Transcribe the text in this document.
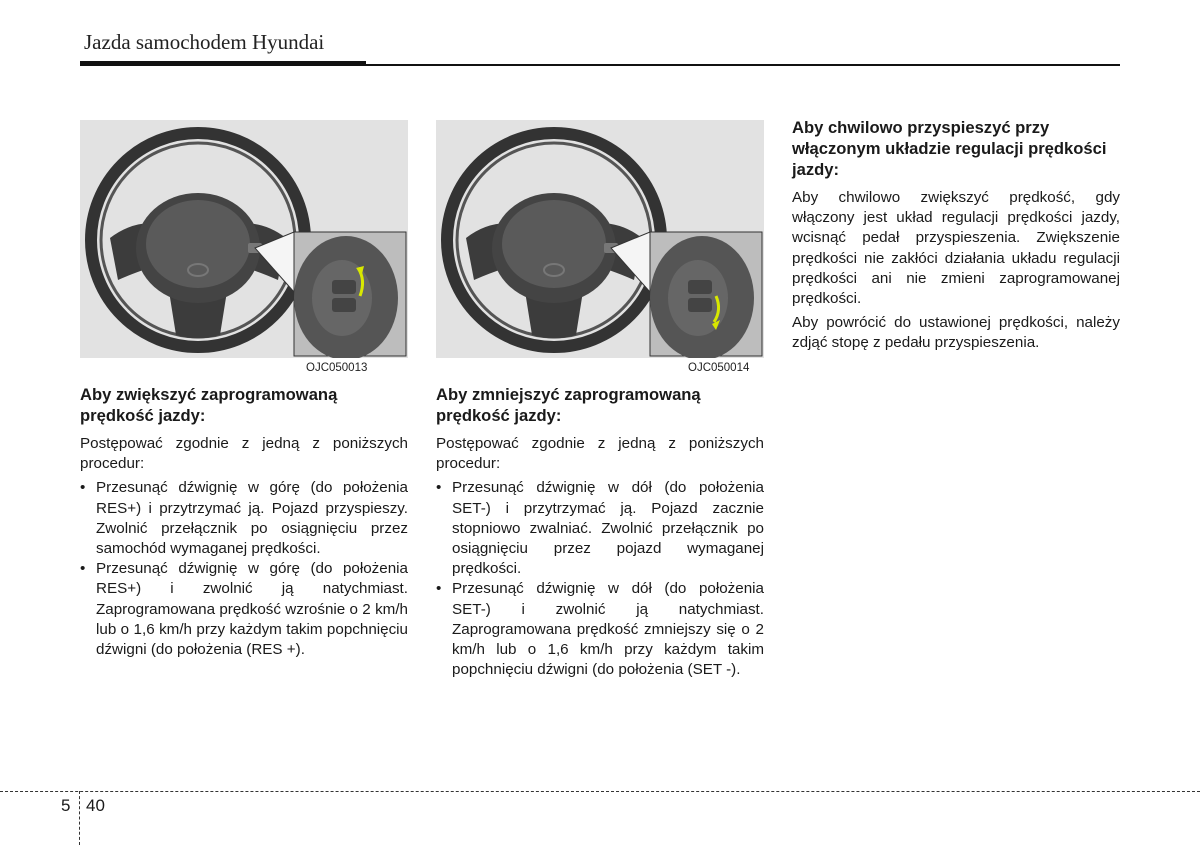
Jazda samochodem Hyundai
OJC050013	OJC050014

Aby zwiększyć zaprogramowaną prędkość jazdy:

Postępować zgodnie z jedną z poniższych procedur:

• Przesunąć dźwignię w górę (do położenia RES+) i przytrzymać ją. Pojazd przyspieszy. Zwolnić przełącznik po osiągnięciu przez samochód wymaganej prędkości.
• Przesunąć dźwignię w górę (do położenia RES+) i zwolnić ją natychmiast. Zaprogramowana prędkość wzrośnie o 2 km/h lub o 1,6 km/h przy każdym takim popchnięciu dźwigni (do położenia (RES +).

Aby zmniejszyć zaprogramowaną prędkość jazdy:

Postępować zgodnie z jedną z poniższych procedur:

• Przesunąć dźwignię w dół (do położenia SET-) i przytrzymać ją. Pojazd zacznie stopniowo zwalniać. Zwolnić przełącznik po osiągnięciu przez pojazd wymaganej prędkości.
• Przesunąć dźwignię w dół (do położenia SET-) i zwolnić ją natychmiast. Zaprogramowana prędkość zmniejszy się o 2 km/h lub o 1,6 km/h przy każdym takim popchnięciu dźwigni (do położenia (SET -).

Aby chwilowo przyspieszyć przy włączonym układzie regulacji prędkości jazdy:

Aby chwilowo zwiększyć prędkość, gdy włączony jest układ regulacji prędkości jazdy, wcisnąć pedał przyspieszenia. Zwiększenie prędkości nie zakłóci działania układu regulacji prędkości ani nie zmieni zaprogramowanej prędkości.

Aby powrócić do ustawionej prędkości, należy zdjąć stopę z pedału przyspieszenia.

5 40
